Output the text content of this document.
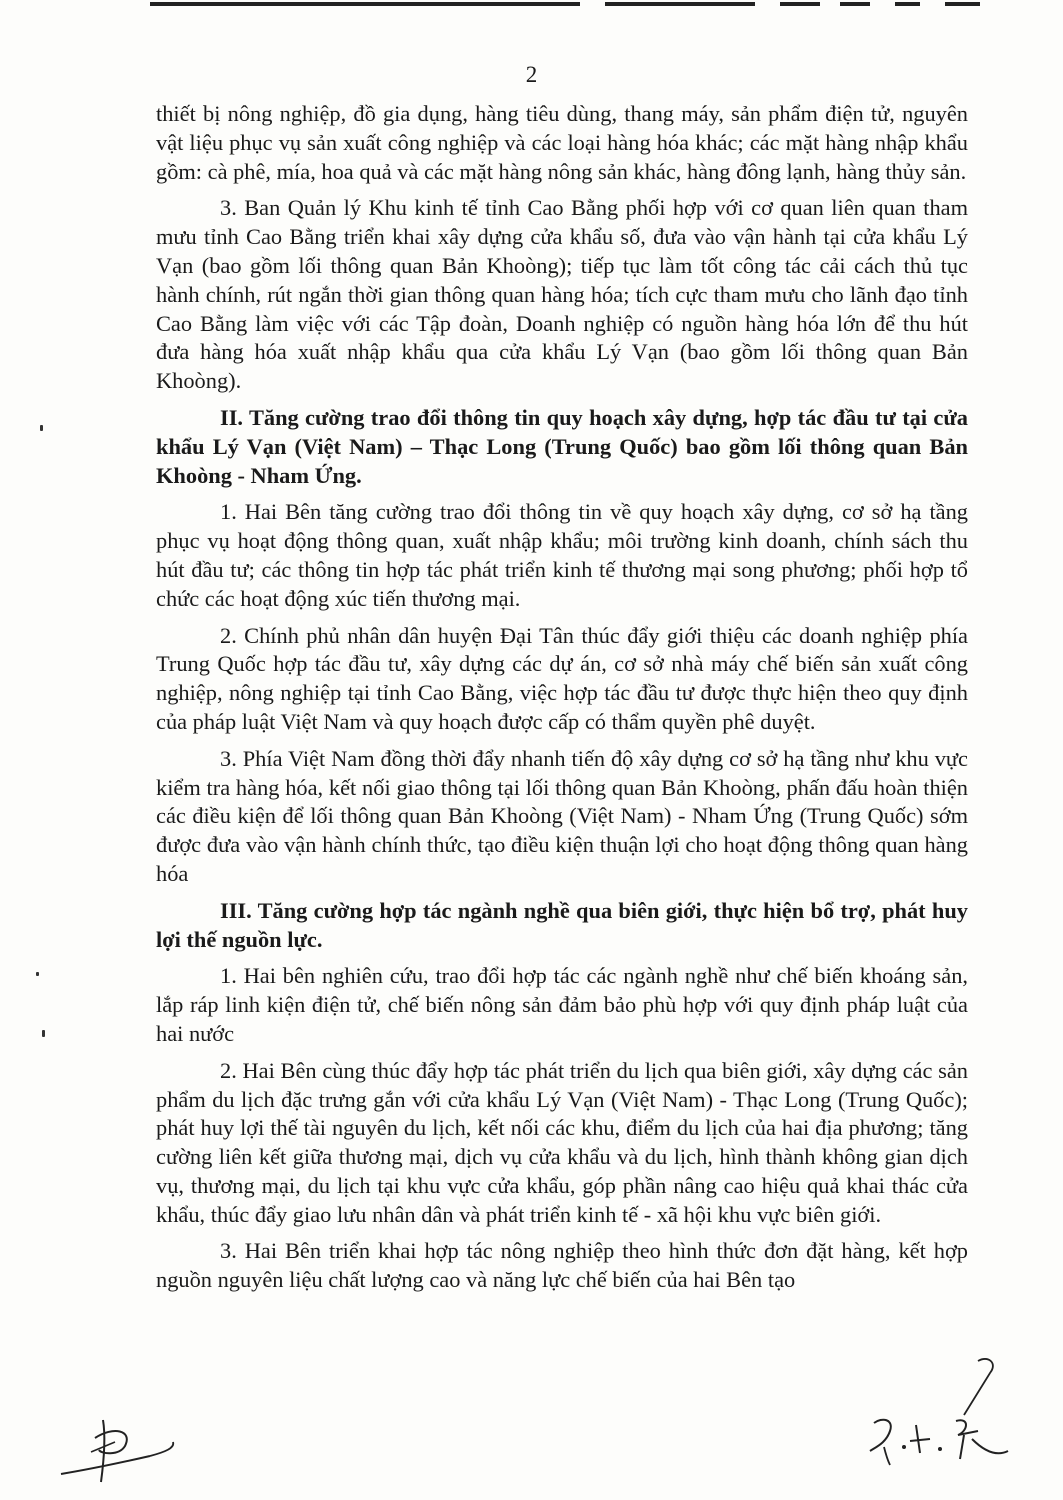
2

thiết bị nông nghiệp, đồ gia dụng, hàng tiêu dùng, thang máy, sản phẩm điện tử, nguyên vật liệu phục vụ sản xuất công nghiệp và các loại hàng hóa khác; các mặt hàng nhập khẩu gồm: cà phê, mía, hoa quả và các mặt hàng nông sản khác, hàng đông lạnh, hàng thủy sản.

3. Ban Quản lý Khu kinh tế tỉnh Cao Bằng phối hợp với cơ quan liên quan tham mưu tỉnh Cao Bằng triển khai xây dựng cửa khẩu số, đưa vào vận hành tại cửa khẩu Lý Vạn (bao gồm lối thông quan Bản Khoòng); tiếp tục làm tốt công tác cải cách thủ tục hành chính, rút ngắn thời gian thông quan hàng hóa; tích cực tham mưu cho lãnh đạo tỉnh Cao Bằng làm việc với các Tập đoàn, Doanh nghiệp có nguồn hàng hóa lớn để thu hút đưa hàng hóa xuất nhập khẩu qua cửa khẩu Lý Vạn (bao gồm lối thông quan Bản Khoòng).

II. Tăng cường trao đổi thông tin quy hoạch xây dựng, hợp tác đầu tư tại cửa khẩu Lý Vạn (Việt Nam) – Thạc Long (Trung Quốc) bao gồm lối thông quan Bản Khoòng - Nham Ứng.

1. Hai Bên tăng cường trao đổi thông tin về quy hoạch xây dựng, cơ sở hạ tầng phục vụ hoạt động thông quan, xuất nhập khẩu; môi trường kinh doanh, chính sách thu hút đầu tư; các thông tin hợp tác phát triển kinh tế thương mại song phương; phối hợp tổ chức các hoạt động xúc tiến thương mại.

2. Chính phủ nhân dân huyện Đại Tân thúc đẩy giới thiệu các doanh nghiệp phía Trung Quốc hợp tác đầu tư, xây dựng các dự án, cơ sở nhà máy chế biến sản xuất công nghiệp, nông nghiệp tại tỉnh Cao Bằng, việc hợp tác đầu tư được thực hiện theo quy định của pháp luật Việt Nam và quy hoạch được cấp có thẩm quyền phê duyệt.

3. Phía Việt Nam đồng thời đẩy nhanh tiến độ xây dựng cơ sở hạ tầng như khu vực kiểm tra hàng hóa, kết nối giao thông tại lối thông quan Bản Khoòng, phấn đấu hoàn thiện các điều kiện để lối thông quan Bản Khoòng (Việt Nam) - Nham Ứng (Trung Quốc) sớm được đưa vào vận hành chính thức, tạo điều kiện thuận lợi cho hoạt động thông quan hàng hóa

III. Tăng cường hợp tác ngành nghề qua biên giới, thực hiện bổ trợ, phát huy lợi thế nguồn lực.

1. Hai bên nghiên cứu, trao đổi hợp tác các ngành nghề như chế biến khoáng sản, lắp ráp linh kiện điện tử, chế biến nông sản đảm bảo phù hợp với quy định pháp luật của hai nước

2. Hai Bên cùng thúc đẩy hợp tác phát triển du lịch qua biên giới, xây dựng các sản phẩm du lịch đặc trưng gắn với cửa khẩu Lý Vạn (Việt Nam) - Thạc Long (Trung Quốc); phát huy lợi thế tài nguyên du lịch, kết nối các khu, điểm du lịch của hai địa phương; tăng cường liên kết giữa thương mại, dịch vụ cửa khẩu và du lịch, hình thành không gian dịch vụ, thương mại, du lịch tại khu vực cửa khẩu, góp phần nâng cao hiệu quả khai thác cửa khẩu, thúc đẩy giao lưu nhân dân và phát triển kinh tế - xã hội khu vực biên giới.

3. Hai Bên triển khai hợp tác nông nghiệp theo hình thức đơn đặt hàng, kết hợp nguồn nguyên liệu chất lượng cao và năng lực chế biến của hai Bên tạo
